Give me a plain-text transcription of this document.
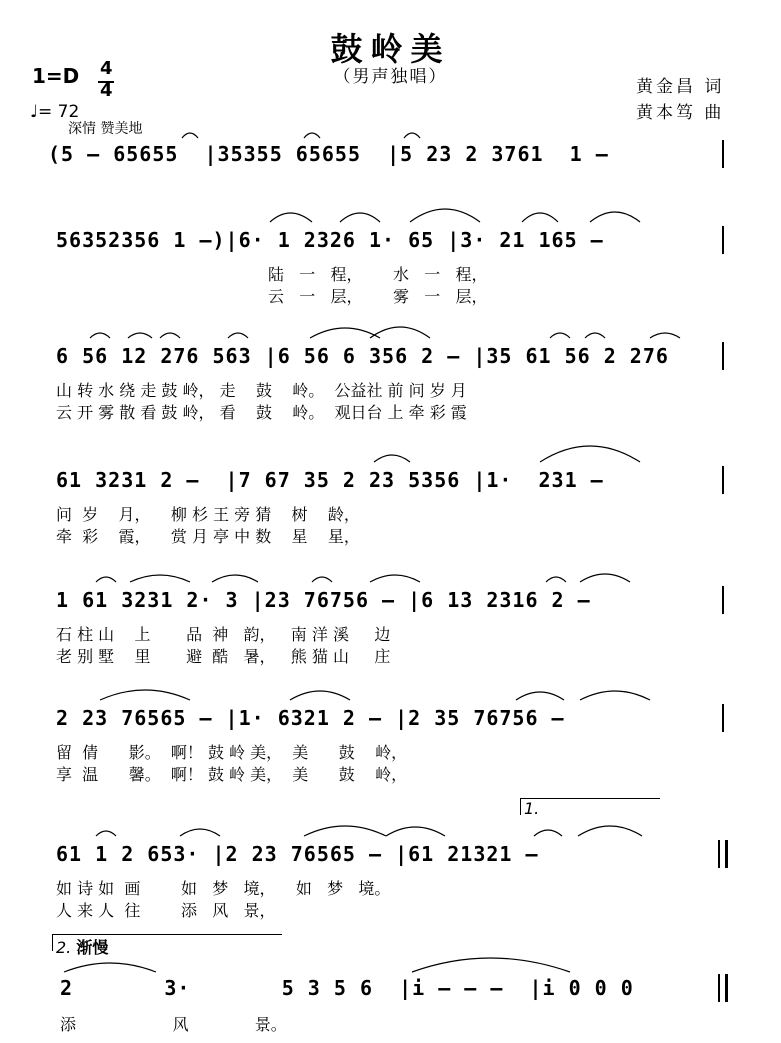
鼓岭美
（男声独唱）
1=D 4
4
♩= 72
深情 赞美地
黄金昌 词
黄本笃 曲
(5 – 65655  |35355 65655  |5 23 2 3761  1 –
56352356 1 –)|6· 1 2326 1· 65 |3· 21 165 –
陆   一   程，      水   一   程，
云   一   层，      雾   一   层，
6 56 12 276 563 |6 56 6 356 2 – |35 61 56 2 276
山 转 水 绕 走 鼓 岭， 走    鼓    岭。  公益社 前 问 岁 月
云 开 雾 散 看 鼓 岭， 看    鼓    岭。  观日台 上 牵 彩 霞
61 3231 2 –  |7 67 35 2 23 5356 |1·  231 –
问  岁    月，    柳 杉 王 旁 猜    树    龄，
牵  彩    霞，    赏 月 亭 中 数    星    星，
1 61 3231 2· 3 |23 76756 – |6 13 2316 2 –
石 柱 山    上       品  神   韵，   南 洋 溪     边
老 别 墅    里       避  酷   暑，   熊 猫 山     庄
2 23 76565 – |1· 6321 2 – |2 35 76756 –
留  倩      影。  啊！ 鼓 岭 美，  美      鼓    岭，
享  温      馨。  啊！ 鼓 岭 美，  美      鼓    岭，
1.
61 1 2 653· |2 23 76565 – |61 21321 –
如 诗 如  画        如   梦   境，    如   梦   境。
人 来 人  往        添   风   景，
2. 渐慢
2       3·       5 3 5 6  |i – – –  |i 0 0 0
添                   风             景。
